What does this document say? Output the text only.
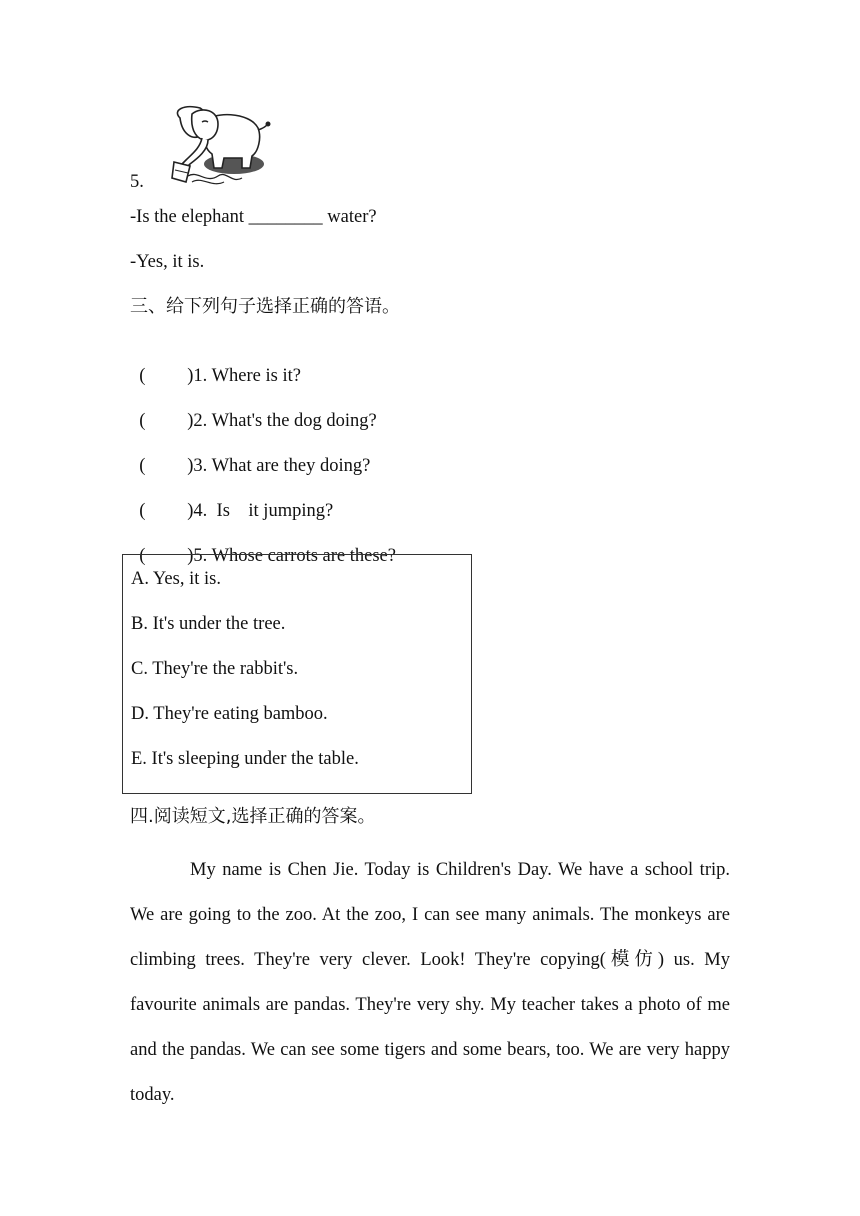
5.
-Is the elephant ________ water?
-Yes, it is.
三、给下列句子选择正确的答语。

( )1. Where is it?

( )2. What's the dog doing?

( )3. What are they doing?

( )4.  Is    it jumping?

( )5. Whose carrots are these?

A. Yes, it is.
B. It's under the tree.
C. They're the rabbit's.
D. They're eating bamboo.
E. It's sleeping under the table.
四.阅读短文,选择正确的答案。
My name is Chen Jie. Today is Children's Day. We have a school trip. We are going to the zoo. At the zoo, I can see many animals. The monkeys are climbing trees. They're very clever. Look! They're copying(模仿) us. My favourite animals are pandas. They're very shy. My teacher takes a photo of me and the pandas. We can see some tigers and some bears, too. We are very happy today.
